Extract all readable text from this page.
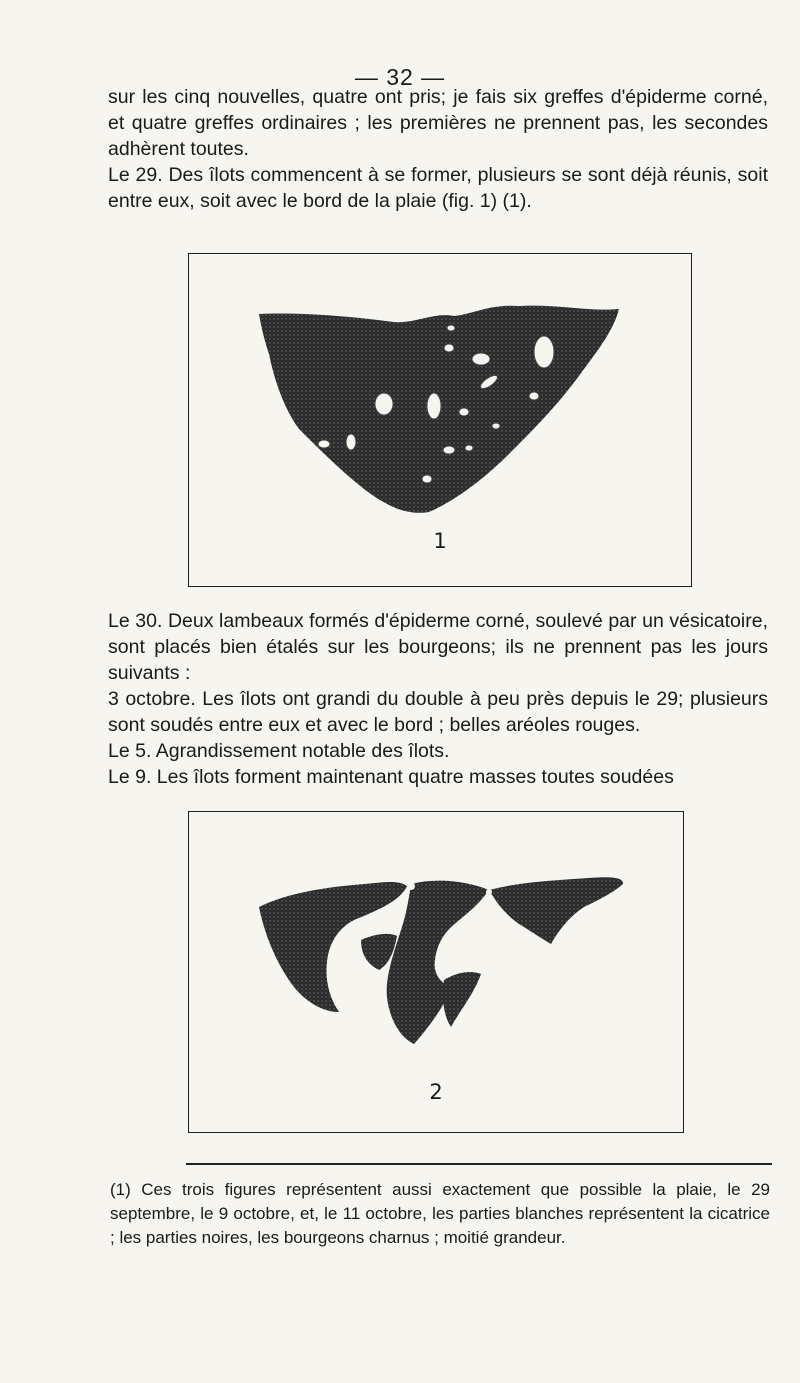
— 32 —

sur les cinq nouvelles, quatre ont pris; je fais six greffes d'épiderme corné, et quatre greffes ordinaires ; les premières ne prennent pas, les secondes adhèrent toutes.

Le 29. Des îlots commencent à se former, plusieurs se sont déjà réunis, soit entre eux, soit avec le bord de la plaie (fig. 1) (1).

1

Le 30. Deux lambeaux formés d'épiderme corné, soulevé par un vésicatoire, sont placés bien étalés sur les bourgeons; ils ne prennent pas les jours suivants :

3 octobre. Les îlots ont grandi du double à peu près depuis le 29; plusieurs sont soudés entre eux et avec le bord ; belles aréoles rouges.

Le 5. Agrandissement notable des îlots.

Le 9. Les îlots forment maintenant quatre masses toutes soudées

2

(1) Ces trois figures représentent aussi exactement que possible la plaie, le 29 septembre, le 9 octobre, et, le 11 octobre, les parties blanches représentent la cicatrice ; les parties noires, les bourgeons charnus ; moitié grandeur.
